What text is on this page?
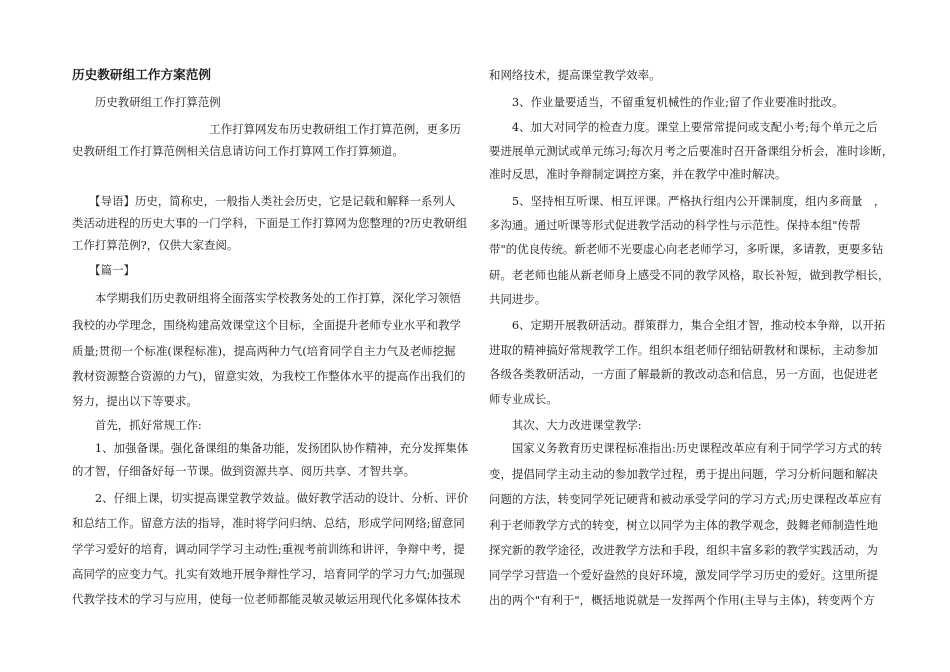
历史教研组工作方案范例
　　历史教研组工作打算范例
　　　　　　　　　　　　工作打算网发布历史教研组工作打算范例，更多历
史教研组工作打算范例相关信息请访问工作打算网工作打算频道。
　　【导语】历史，简称史，一般指人类社会历史，它是记载和解释一系列人
类活动进程的历史大事的一门学科，下面是工作打算网为您整理的?历史教研组
工作打算范例?，仅供大家查阅。
　　【篇一】
　　本学期我们历史教研组将全面落实学校教务处的工作打算，深化学习领悟
我校的办学理念，围绕构建高效课堂这个目标，全面提升老师专业水平和教学
质量;贯彻一个标准(课程标准)，提高两种力气(培育同学自主力气及老师挖掘
教材资源整合资源的力气)，留意实效，为我校工作整体水平的提高作出我们的
努力，提出以下等要求。
　　首先，抓好常规工作:
　　1、加强备课。强化备课组的集备功能，发扬团队协作精神，充分发挥集体
的才智，仔细备好每一节课。做到资源共享、阅历共享、才智共享。
　　2、仔细上课，切实提高课堂教学效益。做好教学活动的设计、分析、评价
和总结工作。留意方法的指导，准时将学问归纳、总结，形成学问网络;留意同
学学习爱好的培育，调动同学学习主动性;重视考前训练和讲评，争辩中考，提
高同学的应变力气。扎实有效地开展争辩性学习，培育同学的学习力气;加强现
代教学技术的学习与应用，使每一位老师都能灵敏灵敏运用现代化多媒体技术
和网络技术，提高课堂教学效率。
　　3、作业量要适当，不留重复机械性的作业;留了作业要准时批改。
　　4、加大对同学的检查力度。课堂上要常常提问或支配小考;每个单元之后
要进展单元测试或单元练习;每次月考之后要准时召开备课组分析会，准时诊断，
准时反思，准时争辩制定调控方案，并在教学中准时解决。
　　5、坚持相互听课、相互评课。严格执行组内公开课制度，组内多商量　，
多沟通。通过听课等形式促进教学活动的科学性与示范性。保持本组"传帮
带"的优良传统。新老师不光要虚心向老老师学习，多听课，多请教，更要多钻
研。老老师也能从新老师身上感受不同的教学风格，取长补短，做到教学相长，
共同进步。
　　6、定期开展教研活动。群策群力，集合全组才智，推动校本争辩，以开拓
进取的精神搞好常规教学工作。组织本组老师仔细钻研教材和课标，主动参加
各级各类教研活动，一方面了解最新的教改动态和信息，另一方面，也促进老
师专业成长。
　　其次、大力改进课堂教学:
　　国家义务教育历史课程标准指出:历史课程改革应有利于同学学习方式的转
变，提倡同学主动主动的参加教学过程，勇于提出问题，学习分析问题和解决
问题的方法，转变同学死记硬背和被动承受学问的学习方式;历史课程改革应有
利于老师教学方式的转变，树立以同学为主体的教学观念，鼓舞老师制造性地
探究新的教学途径，改进教学方法和手段，组织丰富多彩的教学实践活动，为
同学学习营造一个爱好盎然的良好环境，激发同学学习历史的爱好。这里所提
出的两个"有利于"，概括地说就是一发挥两个作用(主导与主体)，转变两个方
